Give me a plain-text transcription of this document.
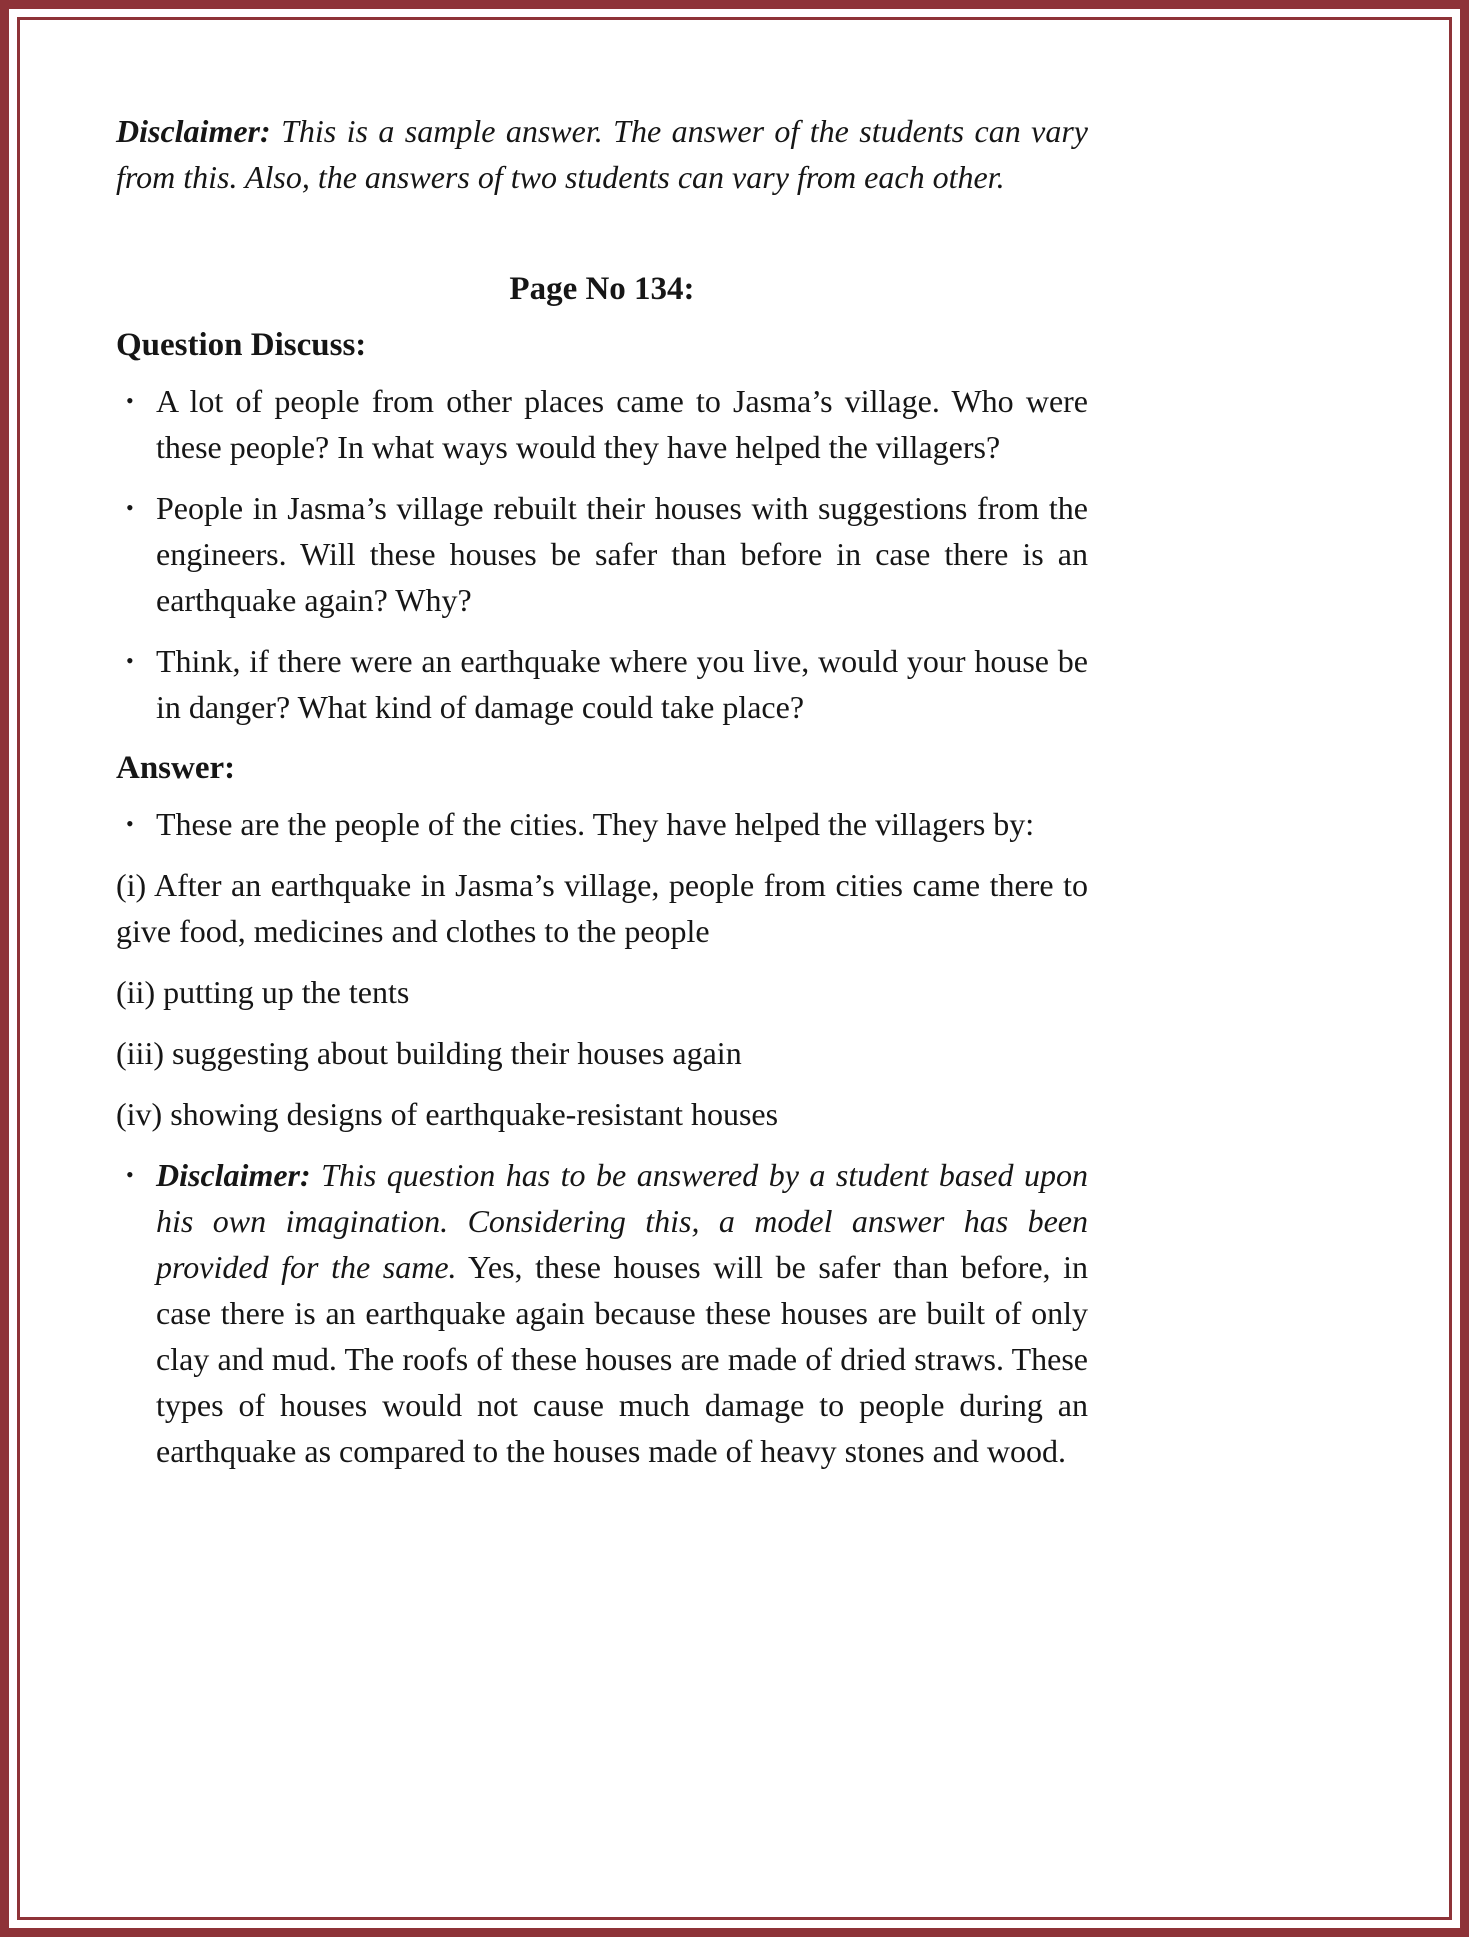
Disclaimer: This is a sample answer. The answer of the students can vary from this. Also, the answers of two students can vary from each other.

Page No 134:
Question Discuss:
• A lot of people from other places came to Jasma’s village. Who were these people? In what ways would they have helped the villagers?
• People in Jasma’s village rebuilt their houses with suggestions from the engineers. Will these houses be safer than before in case there is an earthquake again? Why?
• Think, if there were an earthquake where you live, would your house be in danger? What kind of damage could take place?
Answer:
• These are the people of the cities. They have helped the villagers by:

(i) After an earthquake in Jasma’s village, people from cities came there to give food, medicines and clothes to the people

(ii) putting up the tents

(iii) suggesting about building their houses again

(iv) showing designs of earthquake-resistant houses

• Disclaimer: This question has to be answered by a student based upon his own imagination. Considering this, a model answer has been provided for the same. Yes, these houses will be safer than before, in case there is an earthquake again because these houses are built of only clay and mud. The roofs of these houses are made of dried straws. These types of houses would not cause much damage to people during an earthquake as compared to the houses made of heavy stones and wood.
